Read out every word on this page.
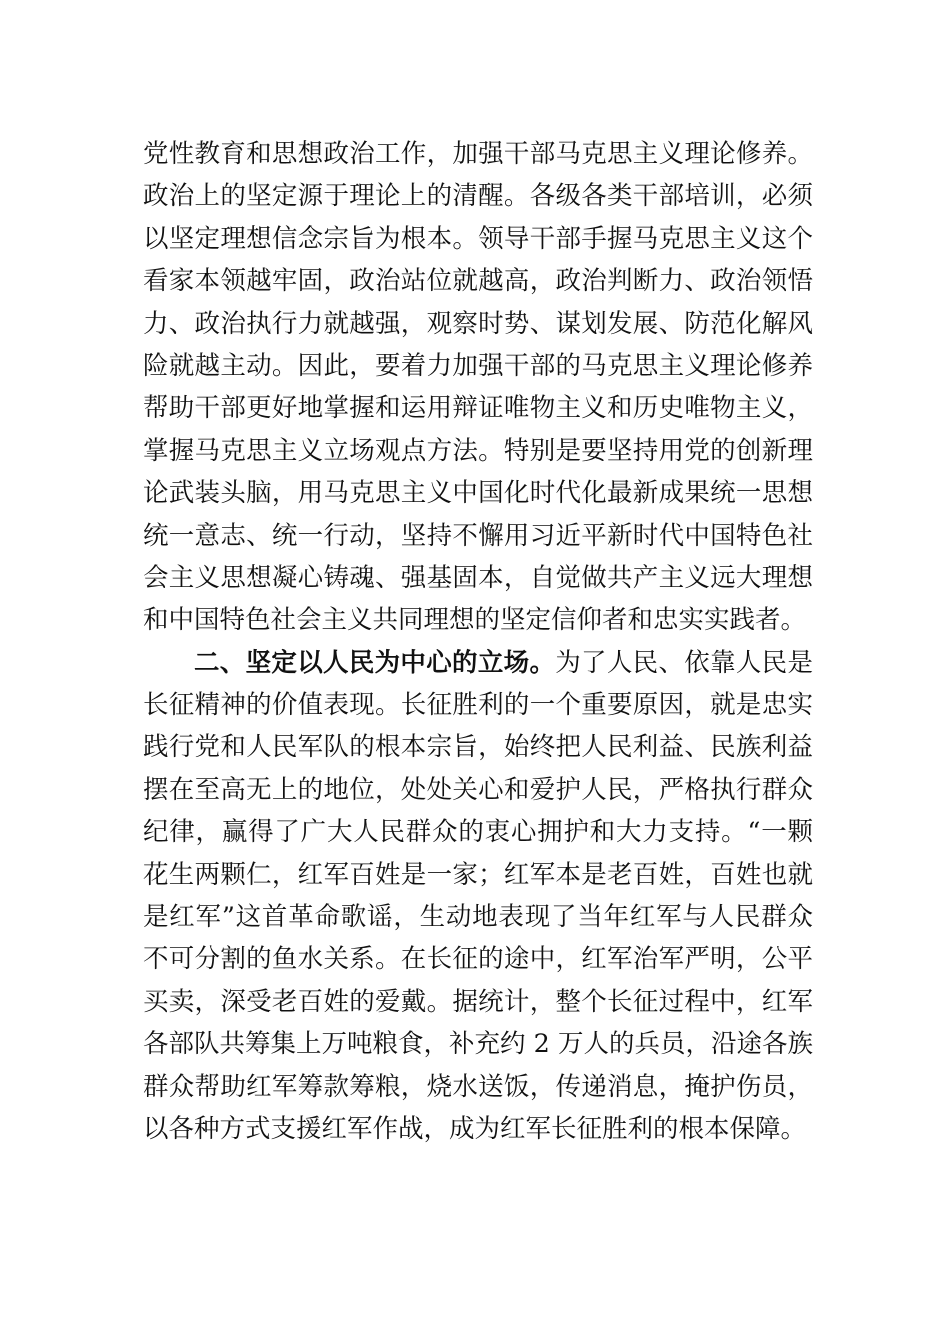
党性教育和思想政治工作，加强干部马克思主义理论修养。
政治上的坚定源于理论上的清醒。各级各类干部培训，必须
以坚定理想信念宗旨为根本。领导干部手握马克思主义这个
看家本领越牢固，政治站位就越高，政治判断力、政治领悟
力、政治执行力就越强，观察时势、谋划发展、防范化解风
险就越主动。因此，要着力加强干部的马克思主义理论修养
帮助干部更好地掌握和运用辩证唯物主义和历史唯物主义，
掌握马克思主义立场观点方法。特别是要坚持用党的创新理
论武装头脑，用马克思主义中国化时代化最新成果统一思想
统一意志、统一行动，坚持不懈用习近平新时代中国特色社
会主义思想凝心铸魂、强基固本，自觉做共产主义远大理想
和中国特色社会主义共同理想的坚定信仰者和忠实实践者。
二、坚定以人民为中心的立场。为了人民、依靠人民是
长征精神的价值表现。长征胜利的一个重要原因，就是忠实
践行党和人民军队的根本宗旨，始终把人民利益、民族利益
摆在至高无上的地位，处处关心和爱护人民，严格执行群众
纪律，赢得了广大人民群众的衷心拥护和大力支持。“一颗
花生两颗仁，红军百姓是一家；红军本是老百姓，百姓也就
是红军”这首革命歌谣，生动地表现了当年红军与人民群众
不可分割的鱼水关系。在长征的途中，红军治军严明，公平
买卖，深受老百姓的爱戴。据统计，整个长征过程中，红军
各部队共筹集上万吨粮食，补充约 2 万人的兵员，沿途各族
群众帮助红军筹款筹粮，烧水送饭，传递消息，掩护伤员，
以各种方式支援红军作战，成为红军长征胜利的根本保障。
